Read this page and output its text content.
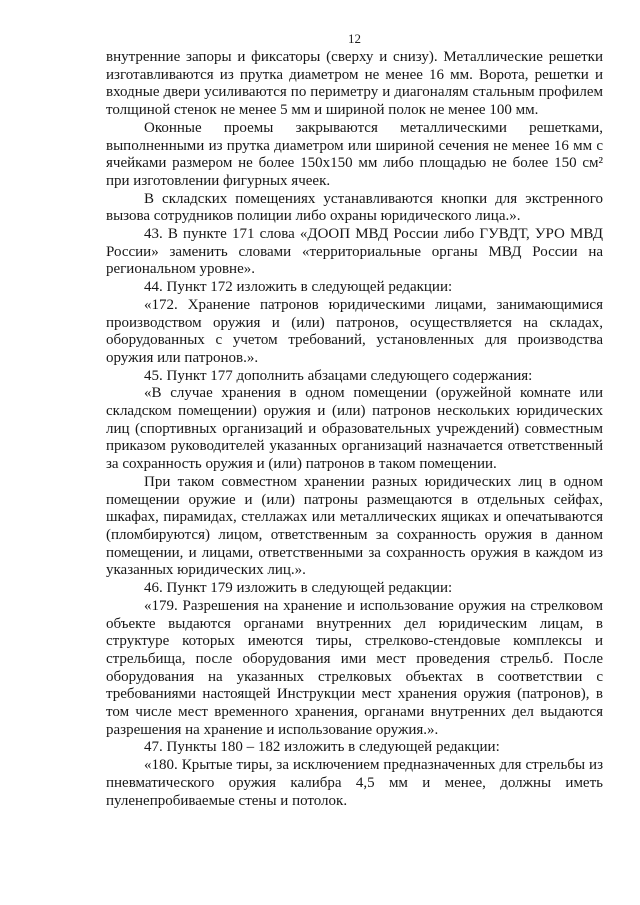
12

внутренние запоры и фиксаторы (сверху и снизу). Металлические решетки изготавливаются из прутка диаметром не менее 16 мм. Ворота, решетки и входные двери усиливаются по периметру и диагоналям стальным профилем толщиной стенок не менее 5 мм и шириной полок не менее 100 мм.

Оконные проемы закрываются металлическими решетками, выполненными из прутка диаметром или шириной сечения не менее 16 мм с ячейками размером не более 150x150 мм либо площадью не более 150 см² при изготовлении фигурных ячеек.

В складских помещениях устанавливаются кнопки для экстренного вызова сотрудников полиции либо охраны юридического лица.».

43. В пункте 171 слова «ДООП МВД России либо ГУВДТ, УРО МВД России» заменить словами «территориальные органы МВД России на региональном уровне».

44. Пункт 172 изложить в следующей редакции:

«172. Хранение патронов юридическими лицами, занимающимися производством оружия и (или) патронов, осуществляется на складах, оборудованных с учетом требований, установленных для производства оружия или патронов.».

45. Пункт 177 дополнить абзацами следующего содержания:

«В случае хранения в одном помещении (оружейной комнате или складском помещении) оружия и (или) патронов нескольких юридических лиц (спортивных организаций и образовательных учреждений) совместным приказом руководителей указанных организаций назначается ответственный за сохранность оружия и (или) патронов в таком помещении.

При таком совместном хранении разных юридических лиц в одном помещении оружие и (или) патроны размещаются в отдельных сейфах, шкафах, пирамидах, стеллажах или металлических ящиках и опечатываются (пломбируются) лицом, ответственным за сохранность оружия в данном помещении, и лицами, ответственными за сохранность оружия в каждом из указанных юридических лиц.».

46. Пункт 179 изложить в следующей редакции:

«179. Разрешения на хранение и использование оружия на стрелковом объекте выдаются органами внутренних дел юридическим лицам, в структуре которых имеются тиры, стрелково-стендовые комплексы и стрельбища, после оборудования ими мест проведения стрельб. После оборудования на указанных стрелковых объектах в соответствии с требованиями настоящей Инструкции мест хранения оружия (патронов), в том числе мест временного хранения, органами внутренних дел выдаются разрешения на хранение и использование оружия.».

47. Пункты 180 – 182 изложить в следующей редакции:

«180. Крытые тиры, за исключением предназначенных для стрельбы из пневматического оружия калибра 4,5 мм и менее, должны иметь пуленепробиваемые стены и потолок.
